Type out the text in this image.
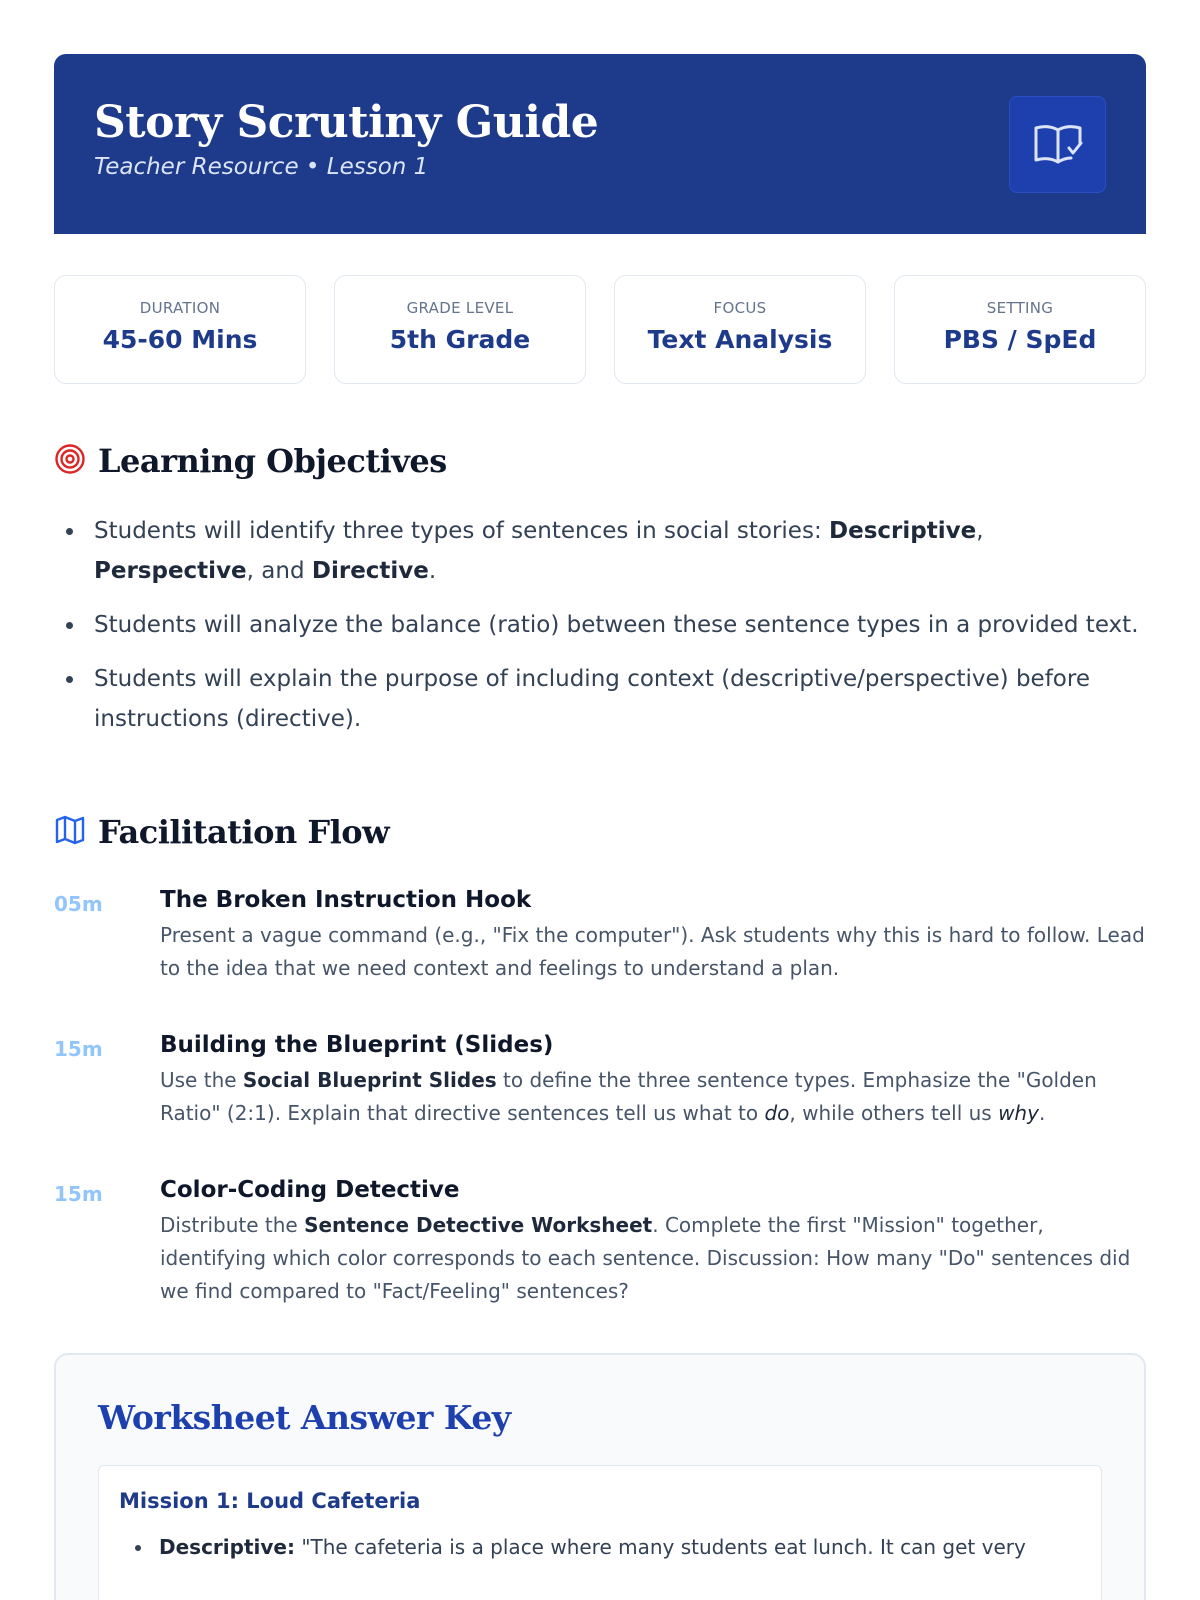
Story Scrutiny Guide
Teacher Resource • Lesson 1
DURATION
45-60 Mins
GRADE LEVEL
5th Grade
FOCUS
Text Analysis
SETTING
PBS / SpEd
Learning Objectives
Students will identify three types of sentences in social stories: Descriptive, Perspective, and Directive.
Students will analyze the balance (ratio) between these sentence types in a provided text.
Students will explain the purpose of including context (descriptive/perspective) before instructions (directive).
Facilitation Flow
05m	The Broken Instruction Hook
Present a vague command (e.g., "Fix the computer"). Ask students why this is hard to follow. Lead to the idea that we need context and feelings to understand a plan.
15m	Building the Blueprint (Slides)
Use the Social Blueprint Slides to define the three sentence types. Emphasize the "Golden Ratio" (2:1). Explain that directive sentences tell us what to do, while others tell us why.
15m	Color-Coding Detective
Distribute the Sentence Detective Worksheet. Complete the first "Mission" together, identifying which color corresponds to each sentence. Discussion: How many "Do" sentences did we find compared to "Fact/Feeling" sentences?
Worksheet Answer Key
Mission 1: Loud Cafeteria
Descriptive: "The cafeteria is a place where many students eat lunch. It can get very
